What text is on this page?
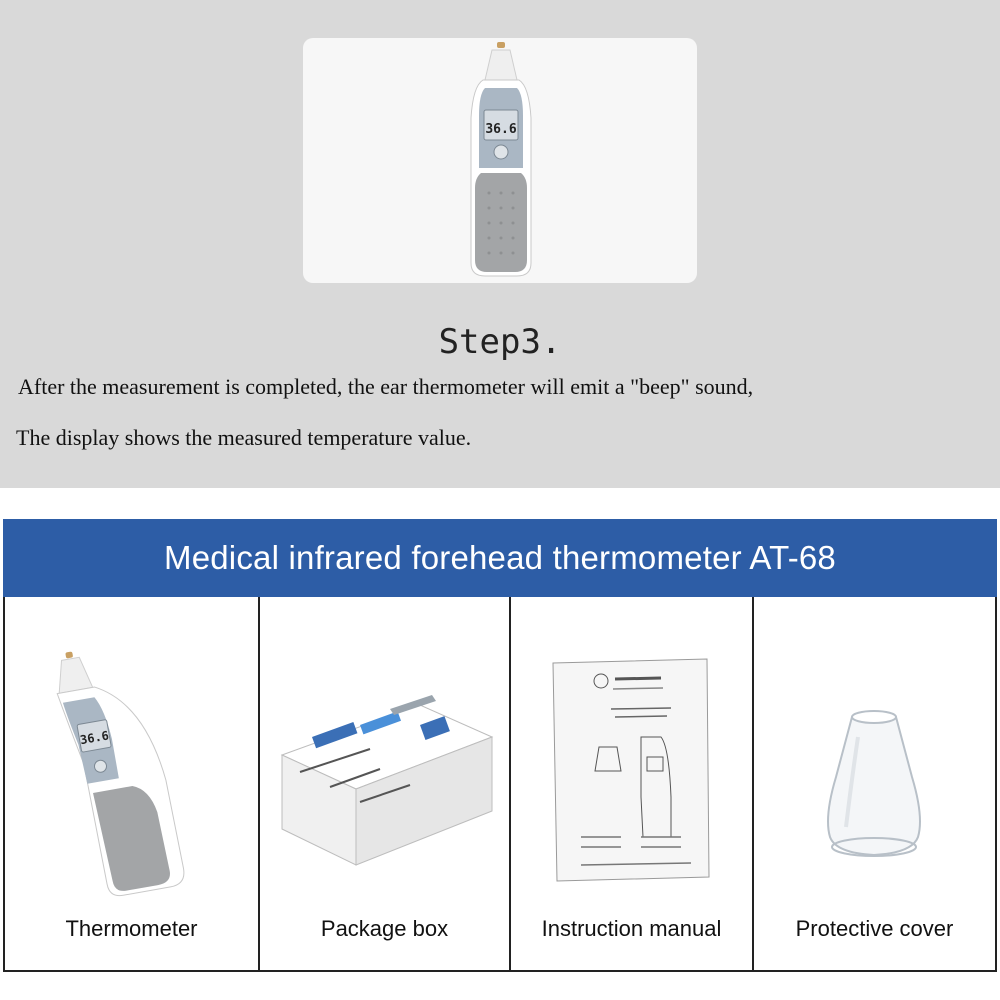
36.6
Step3.
After the measurement is completed, the ear thermometer will emit a "beep" sound,
The display shows the measured temperature value.
Medical infrared forehead thermometer AT-68
36.6
Thermometer	Package box	Instruction manual	Protective cover
